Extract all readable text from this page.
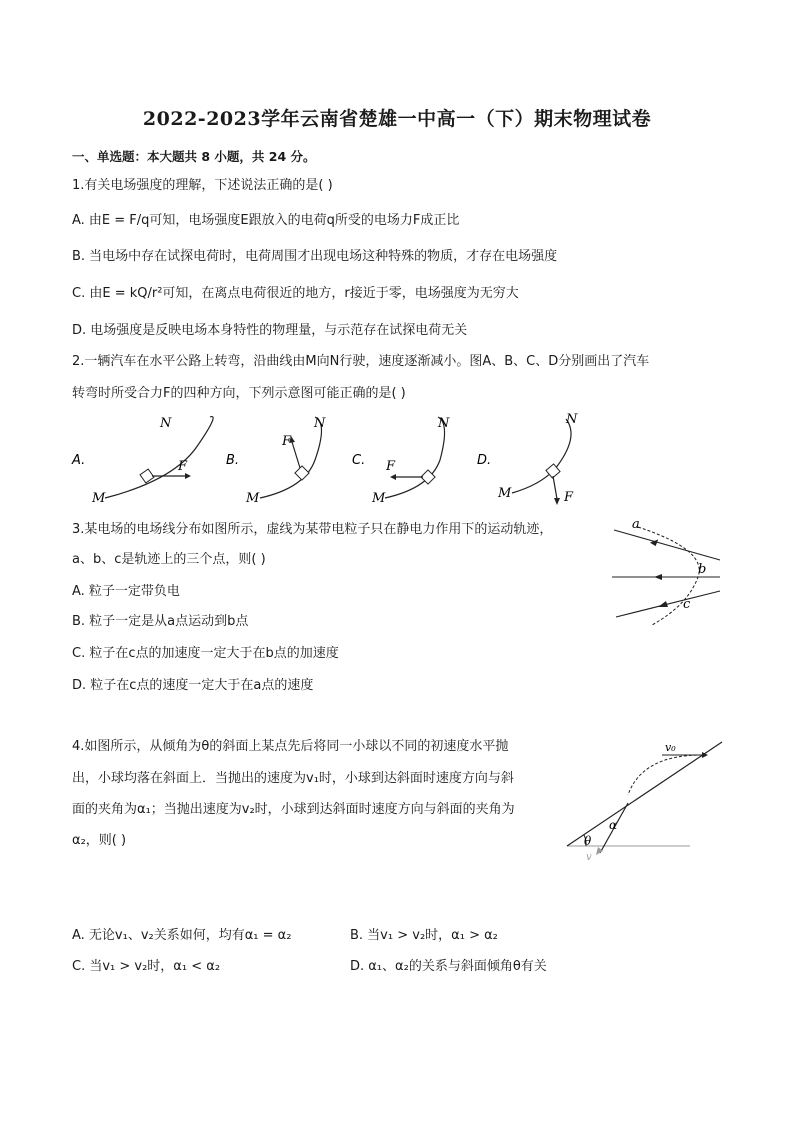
2022-2023学年云南省楚雄一中高一（下）期末物理试卷
一、单选题：本大题共 8 小题，共 24 分。
1.有关电场强度的理解，下述说法正确的是( )
A. 由E = F/q可知，电场强度E跟放入的电荷q所受的电场力F成正比
B. 当电场中存在试探电荷时，电荷周围才出现电场这种特殊的物质，才存在电场强度
C. 由E = kQ/r²可知，在离点电荷很近的地方，r接近于零，电场强度为无穷大
D. 电场强度是反映电场本身特性的物理量，与示范存在试探电荷无关
2.一辆汽车在水平公路上转弯，沿曲线由M向N行驶，速度逐渐减小。图A、B、C、D分别画出了汽车
转弯时所受合力F的四种方向，下列示意图可能正确的是( )
A.	F
M
N
B.
F
M
N
C. F
M
N
D.
F
M
N
3.某电场的电场线分布如图所示，虚线为某带电粒子只在静电力作用下的运动轨迹，
a、b、c是轨迹上的三个点，则( )
A. 粒子一定带负电
B. 粒子一定是从a点运动到b点
C. 粒子在c点的加速度一定大于在b点的加速度
D. 粒子在c点的速度一定大于在a点的速度
a
b
c
4.如图所示，从倾角为θ的斜面上某点先后将同一小球以不同的初速度水平抛
出，小球均落在斜面上．当抛出的速度为v₁时，小球到达斜面时速度方向与斜
面的夹角为α₁；当抛出速度为v₂时，小球到达斜面时速度方向与斜面的夹角为
α₂，则( )
v₀
α
θ
v
A. 无论v₁、v₂关系如何，均有α₁ = α₂	B. 当v₁ > v₂时，α₁ > α₂
C. 当v₁ > v₂时，α₁ < α₂	D. α₁、α₂的关系与斜面倾角θ有关
